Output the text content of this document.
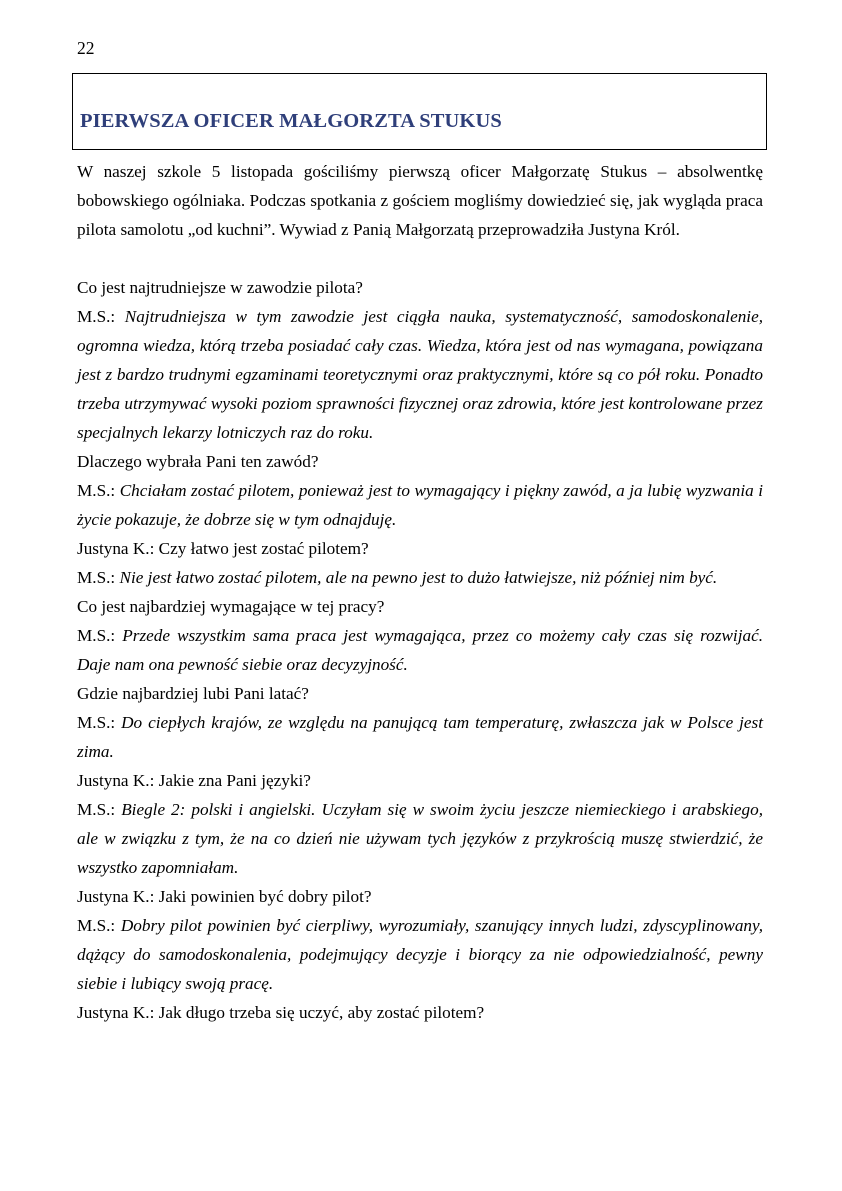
22
PIERWSZA OFICER MAŁGORZTA STUKUS

W naszej szkole 5 listopada gościliśmy pierwszą oficer Małgorzatę Stukus – absolwentkę bobowskiego ogólniaka. Podczas spotkania z gościem mogliśmy dowiedzieć się, jak wygląda praca pilota samolotu „od kuchni”. Wywiad z Panią Małgorzatą przeprowadziła Justyna Król.

Co jest najtrudniejsze w zawodzie pilota?

M.S.: Najtrudniejsza w tym zawodzie jest ciągła nauka, systematyczność, samodoskonalenie, ogromna wiedza, którą trzeba posiadać cały czas. Wiedza, która jest od nas wymagana, powiązana jest z bardzo trudnymi egzaminami teoretycznymi oraz praktycznymi, które są co pół roku. Ponadto trzeba utrzymywać wysoki poziom sprawności fizycznej oraz zdrowia, które jest kontrolowane przez specjalnych lekarzy lotniczych raz do roku.

Dlaczego wybrała Pani ten zawód?

M.S.: Chciałam zostać pilotem, ponieważ jest to wymagający i piękny zawód, a ja lubię wyzwania i życie pokazuje, że dobrze się w tym odnajduję.

Justyna K.: Czy łatwo jest zostać pilotem?

M.S.: Nie jest łatwo zostać pilotem, ale na pewno jest to dużo łatwiejsze, niż później nim być.

Co jest najbardziej wymagające w tej pracy?

M.S.: Przede wszystkim sama praca jest wymagająca, przez co możemy cały czas się rozwijać. Daje nam ona pewność siebie oraz decyzyjność.

Gdzie najbardziej lubi Pani latać?

M.S.: Do ciepłych krajów, ze względu na panującą tam temperaturę, zwłaszcza jak w Polsce jest zima.

Justyna K.: Jakie zna Pani języki?

M.S.: Biegle 2: polski i angielski. Uczyłam się w swoim życiu jeszcze niemieckiego i arabskiego, ale w związku z tym, że na co dzień nie używam tych języków z przykrością muszę stwierdzić, że wszystko zapomniałam.

Justyna K.: Jaki powinien być dobry pilot?

M.S.: Dobry pilot powinien być cierpliwy, wyrozumiały, szanujący innych ludzi, zdyscyplinowany, dążący do samodoskonalenia, podejmujący decyzje i biorący za nie odpowiedzialność, pewny siebie i lubiący swoją pracę.

Justyna K.: Jak długo trzeba się uczyć, aby zostać pilotem?
